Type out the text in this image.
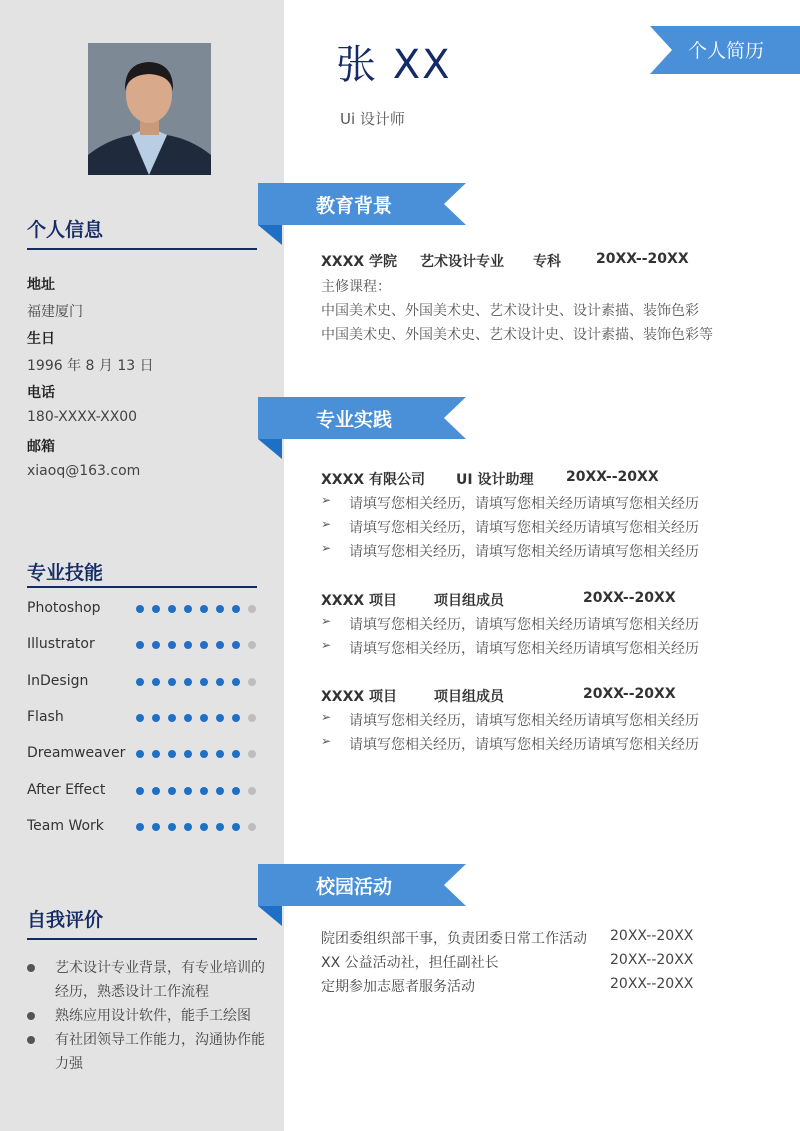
个人信息
地址
福建厦门
生日
1996 年 8 月 13 日
电话
180-XXXX-XX00
邮箱
xiaoq@163.com
专业技能
Photoshop
Illustrator
InDesign
Flash
Dreamweaver
After Effect
Team Work
自我评价
艺术设计专业背景，有专业培训的经历，熟悉设计工作流程
熟练应用设计软件，能手工绘图
有社团领导工作能力，沟通协作能力强
张 XX
Ui 设计师
个人简历
教育背景
XXXX 学院 艺术设计专业 专科	20XX--20XX
主修课程：
中国美术史、外国美术史、艺术设计史、设计素描、装饰色彩
中国美术史、外国美术史、艺术设计史、设计素描、装饰色彩等
专业实践
XXXX 有限公司 UI 设计助理 20XX--20XX
➢ 请填写您相关经历，请填写您相关经历请填写您相关经历
➢ 请填写您相关经历，请填写您相关经历请填写您相关经历
➢ 请填写您相关经历，请填写您相关经历请填写您相关经历
XXXX 项目	项目组成员	20XX--20XX
➢ 请填写您相关经历，请填写您相关经历请填写您相关经历
➢ 请填写您相关经历，请填写您相关经历请填写您相关经历
XXXX 项目	项目组成员	20XX--20XX
➢ 请填写您相关经历，请填写您相关经历请填写您相关经历
➢ 请填写您相关经历，请填写您相关经历请填写您相关经历
校园活动
院团委组织部干事，负责团委日常工作活动 20XX--20XX
XX 公益活动社，担任副社长	20XX--20XX
定期参加志愿者服务活动	20XX--20XX
